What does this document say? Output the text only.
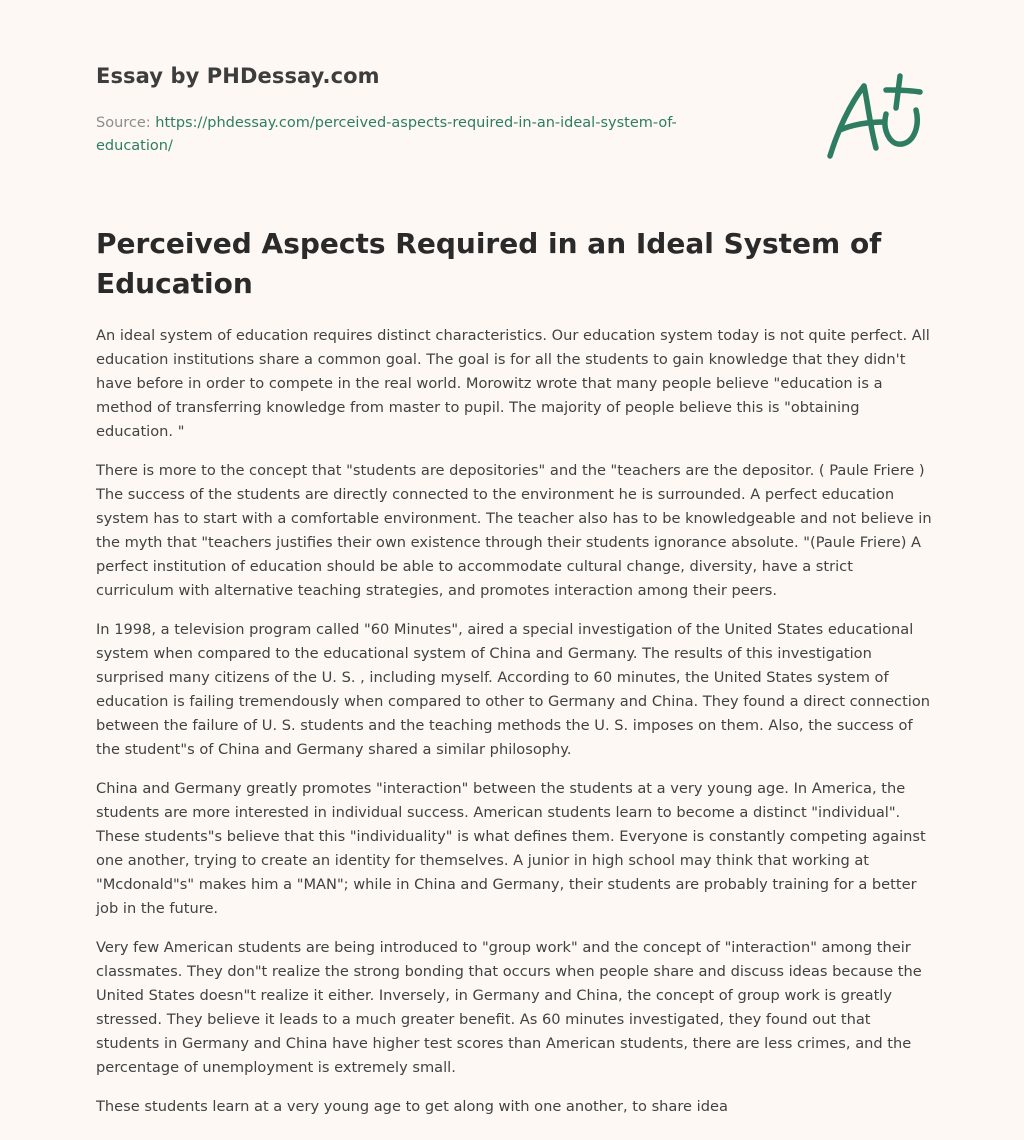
Essay by PHDessay.com
Source: https://phdessay.com/perceived-aspects-required-in-an-ideal-system-of-education/
Perceived Aspects Required in an Ideal System of Education

An ideal system of education requires distinct characteristics. Our education system today is not quite perfect. All education institutions share a common goal. The goal is for all the students to gain knowledge that they didn't have before in order to compete in the real world. Morowitz wrote that many people believe "education is a method of transferring knowledge from master to pupil. The majority of people believe this is "obtaining education. "

There is more to the concept that "students are depositories" and the "teachers are the depositor. ( Paule Friere ) The success of the students are directly connected to the environment he is surrounded. A perfect education system has to start with a comfortable environment. The teacher also has to be knowledgeable and not believe in the myth that "teachers justifies their own existence through their students ignorance absolute. "(Paule Friere) A perfect institution of education should be able to accommodate cultural change, diversity, have a strict curriculum with alternative teaching strategies, and promotes interaction among their peers.

In 1998, a television program called "60 Minutes", aired a special investigation of the United States educational system when compared to the educational system of China and Germany. The results of this investigation surprised many citizens of the U. S. , including myself. According to 60 minutes, the United States system of education is failing tremendously when compared to other to Germany and China. They found a direct connection between the failure of U. S. students and the teaching methods the U. S. imposes on them. Also, the success of the student"s of China and Germany shared a similar philosophy.

China and Germany greatly promotes "interaction" between the students at a very young age. In America, the students are more interested in individual success. American students learn to become a distinct "individual". These students"s believe that this "individuality" is what defines them. Everyone is constantly competing against one another, trying to create an identity for themselves. A junior in high school may think that working at "Mcdonald"s" makes him a "MAN"; while in China and Germany, their students are probably training for a better job in the future.

Very few American students are being introduced to "group work" and the concept of "interaction" among their classmates. They don"t realize the strong bonding that occurs when people share and discuss ideas because the United States doesn"t realize it either. Inversely, in Germany and China, the concept of group work is greatly stressed. They believe it leads to a much greater benefit. As 60 minutes investigated, they found out that students in Germany and China have higher test scores than American students, there are less crimes, and the percentage of unemployment is extremely small.

These students learn at a very young age to get along with one another, to share idea
